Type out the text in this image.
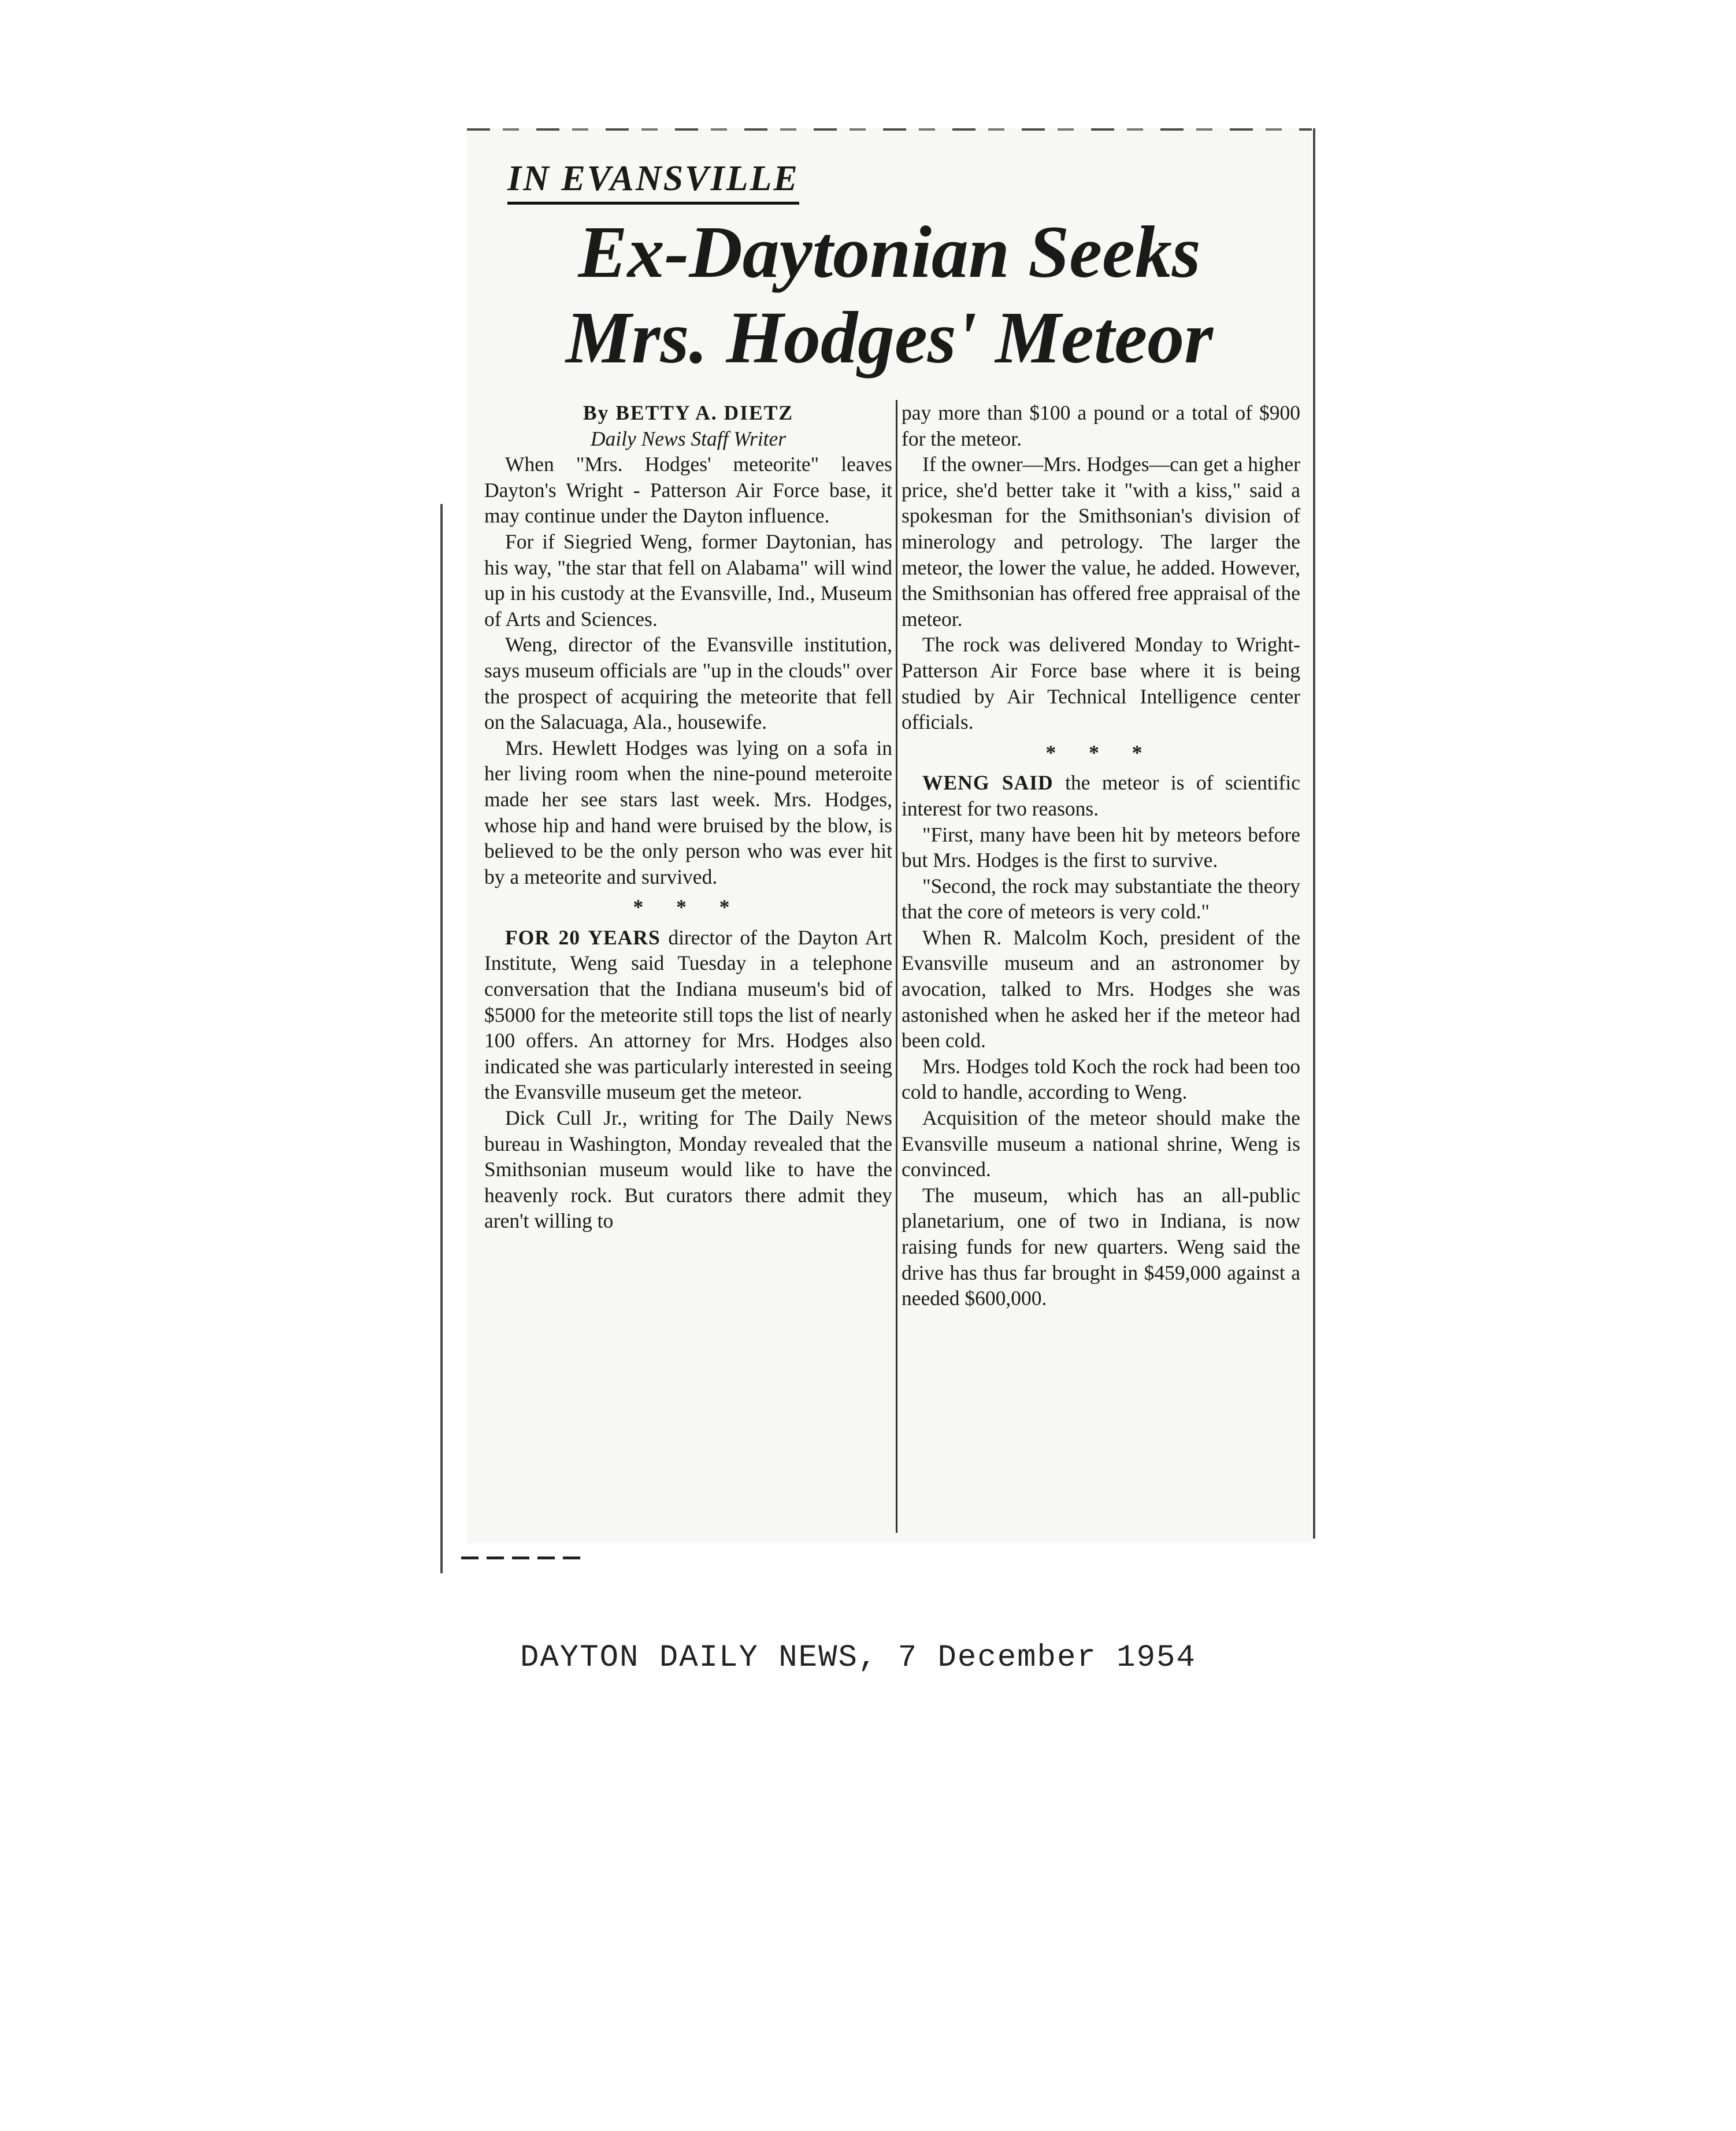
IN EVANSVILLE
Ex-Daytonian Seeks
Mrs. Hodges' Meteor
By BETTY A. DIETZ
Daily News Staff Writer

When "Mrs. Hodges' meteorite" leaves Dayton's Wright - Patterson Air Force base, it may continue under the Dayton influence.

For if Siegried Weng, former Daytonian, has his way, "the star that fell on Alabama" will wind up in his custody at the Evansville, Ind., Museum of Arts and Sciences.

Weng, director of the Evansville institution, says museum officials are "up in the clouds" over the prospect of acquiring the meteorite that fell on the Salacuaga, Ala., housewife.

Mrs. Hewlett Hodges was lying on a sofa in her living room when the nine-pound meteroite made her see stars last week. Mrs. Hodges, whose hip and hand were bruised by the blow, is believed to be the only person who was ever hit by a meteorite and survived.

* * *

FOR 20 YEARS director of the Dayton Art Institute, Weng said Tuesday in a telephone conversation that the Indiana museum's bid of $5000 for the meteorite still tops the list of nearly 100 offers. An attorney for Mrs. Hodges also indicated she was particularly interested in seeing the Evansville museum get the meteor.

Dick Cull Jr., writing for The Daily News bureau in Washington, Monday revealed that the Smithsonian museum would like to have the heavenly rock. But curators there admit they aren't willing to

pay more than $100 a pound or a total of $900 for the meteor.

If the owner—Mrs. Hodges—can get a higher price, she'd better take it "with a kiss," said a spokesman for the Smithsonian's division of minerology and petrology. The larger the meteor, the lower the value, he added. However, the Smithsonian has offered free appraisal of the meteor.

The rock was delivered Monday to Wright-Patterson Air Force base where it is being studied by Air Technical Intelligence center officials.

* * *

WENG SAID the meteor is of scientific interest for two reasons.

"First, many have been hit by meteors before but Mrs. Hodges is the first to survive.

"Second, the rock may substantiate the theory that the core of meteors is very cold."

When R. Malcolm Koch, president of the Evansville museum and an astronomer by avocation, talked to Mrs. Hodges she was astonished when he asked her if the meteor had been cold.

Mrs. Hodges told Koch the rock had been too cold to handle, according to Weng.

Acquisition of the meteor should make the Evansville museum a national shrine, Weng is convinced.

The museum, which has an all-public planetarium, one of two in Indiana, is now raising funds for new quarters. Weng said the drive has thus far brought in $459,000 against a needed $600,000.

DAYTON DAILY NEWS, 7 December 1954
